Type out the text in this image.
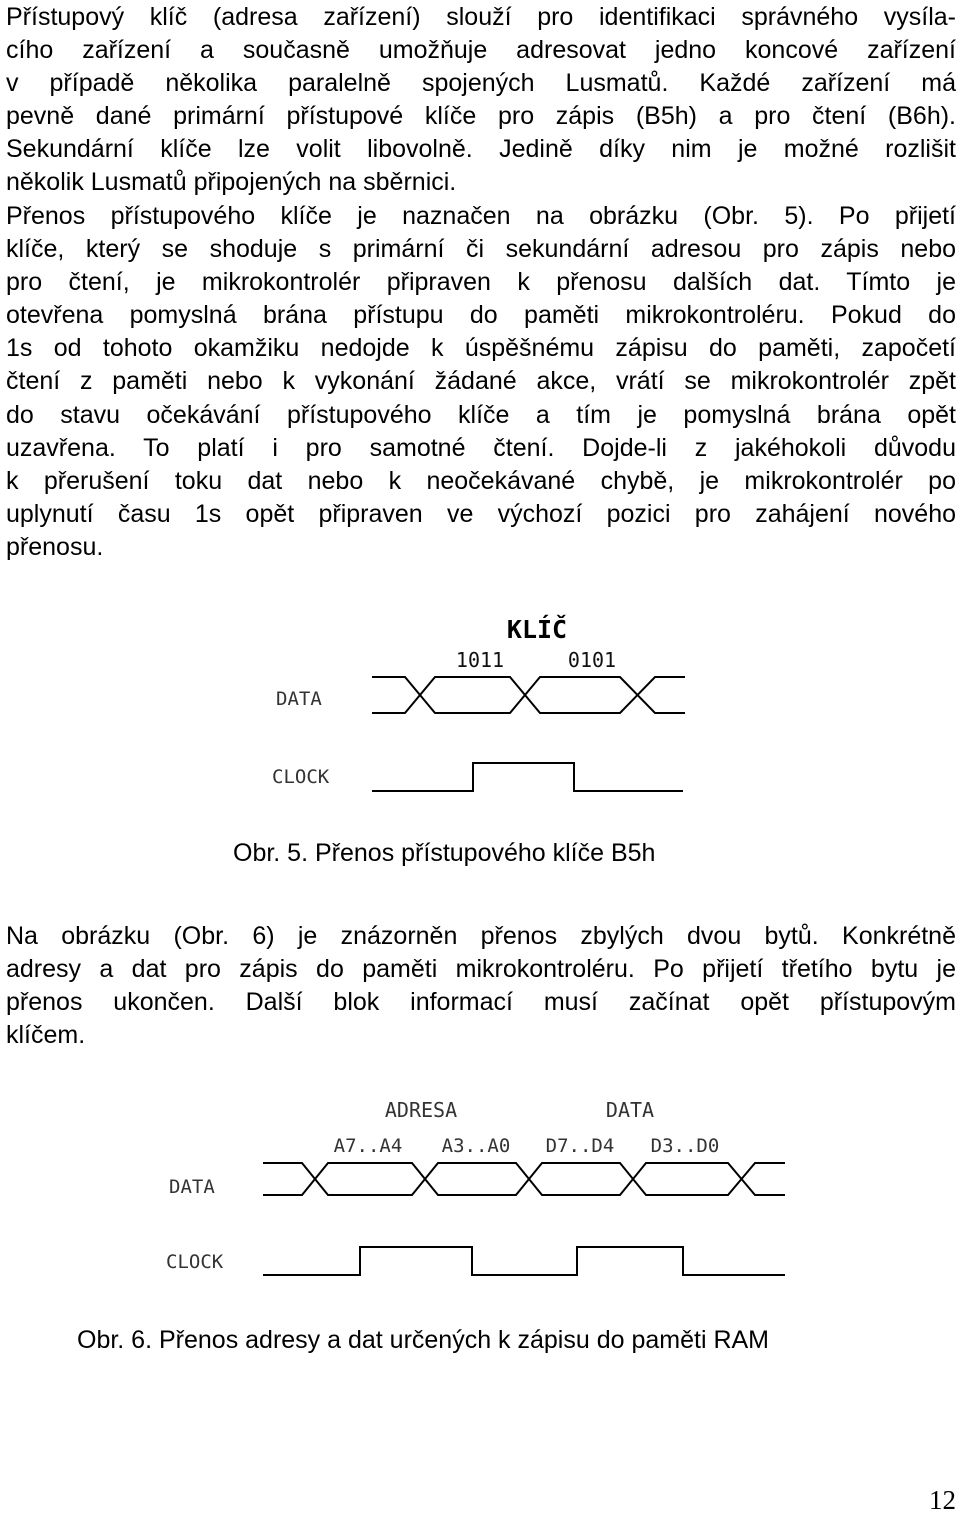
Přístupový klíč (adresa zařízení) slouží pro identifikaci správného vysíla-
cího zařízení a současně umožňuje adresovat jedno koncové zařízení
v případě několika paralelně spojených Lusmatů. Každé zařízení má
pevně dané primární přístupové klíče pro zápis (B5h) a pro čtení (B6h).
Sekundární klíče lze volit libovolně. Jedině díky nim je možné rozlišit
několik Lusmatů připojených na sběrnici.
Přenos přístupového klíče je naznačen na obrázku (Obr. 5). Po přijetí
klíče, který se shoduje s primární či sekundární adresou pro zápis nebo
pro čtení, je mikrokontrolér připraven k přenosu dalších dat. Tímto je
otevřena pomyslná brána přístupu do paměti mikrokontroléru. Pokud do
1s od tohoto okamžiku nedojde k úspěšnému zápisu do paměti, započetí
čtení z paměti nebo k vykonání žádané akce, vrátí se mikrokontrolér zpět
do stavu očekávání přístupového klíče a tím je pomyslná brána opět
uzavřena. To platí i pro samotné čtení. Dojde-li z jakéhokoli důvodu
k přerušení toku dat nebo k neočekávané chybě, je mikrokontrolér po
uplynutí času 1s opět připraven ve výchozí pozici pro zahájení nového
přenosu.
KLÍČ
1011	0101
DATA
CLOCK
Obr. 5. Přenos přístupového klíče B5h
Na obrázku (Obr. 6) je znázorněn přenos zbylých dvou bytů. Konkrétně
adresy a dat pro zápis do paměti mikrokontroléru. Po přijetí třetího bytu je
přenos ukončen. Další blok informací musí začínat opět přístupovým
klíčem.
ADRESA	DATA
A7..A4 A3..A0 D7..D4 D3..D0
DATA
CLOCK
Obr. 6. Přenos adresy a dat určených k zápisu do paměti RAM
12
